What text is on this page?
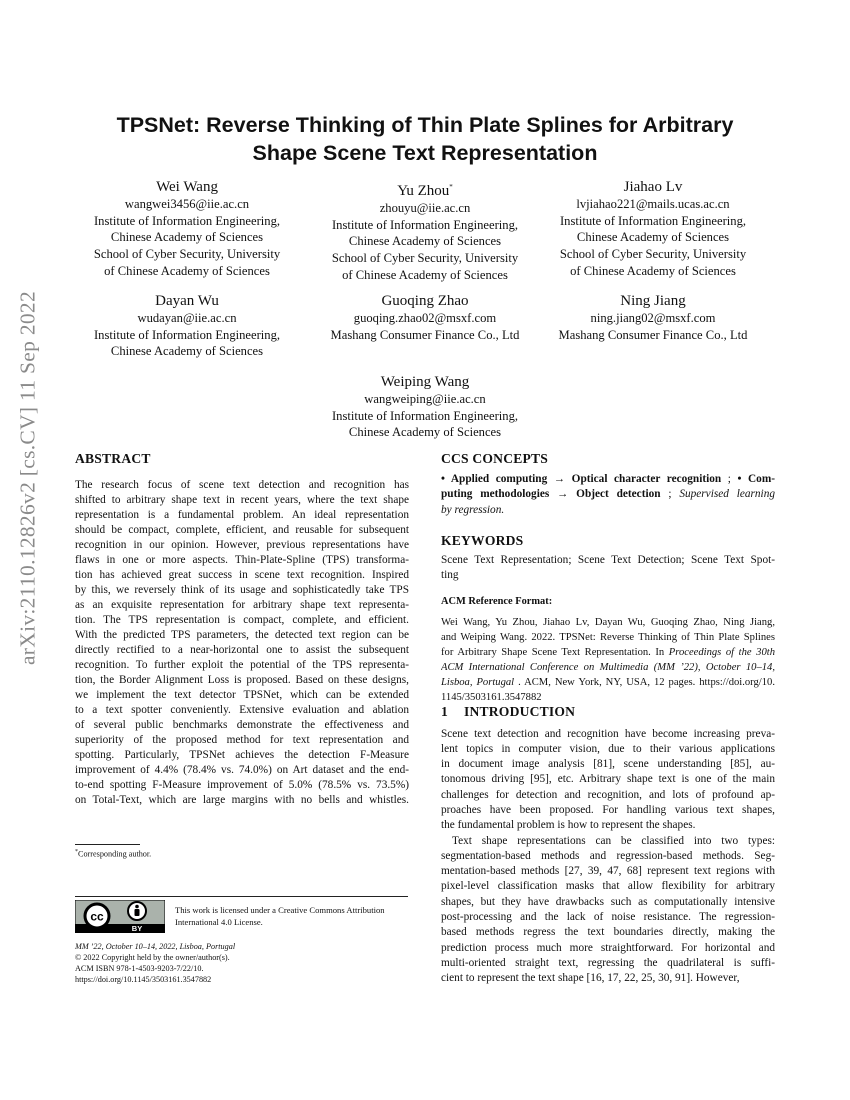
arXiv:2110.12826v2 [cs.CV] 11 Sep 2022
TPSNet: Reverse Thinking of Thin Plate Splines for Arbitrary
Shape Scene Text Representation
Wei Wang
wangwei3456@iie.ac.cn
Institute of Information Engineering,
Chinese Academy of Sciences
School of Cyber Security, University
of Chinese Academy of Sciences
Yu Zhou*
zhouyu@iie.ac.cn
Institute of Information Engineering,
Chinese Academy of Sciences
School of Cyber Security, University
of Chinese Academy of Sciences
Jiahao Lv
lvjiahao221@mails.ucas.ac.cn
Institute of Information Engineering,
Chinese Academy of Sciences
School of Cyber Security, University
of Chinese Academy of Sciences
Dayan Wu
wudayan@iie.ac.cn
Institute of Information Engineering,
Chinese Academy of Sciences
Guoqing Zhao
guoqing.zhao02@msxf.com
Mashang Consumer Finance Co., Ltd
Ning Jiang
ning.jiang02@msxf.com
Mashang Consumer Finance Co., Ltd
Weiping Wang
wangweiping@iie.ac.cn
Institute of Information Engineering,
Chinese Academy of Sciences
ABSTRACT
The research focus of scene text detection and recognition has
shifted to arbitrary shape text in recent years, where the text shape
representation is a fundamental problem. An ideal representation
should be compact, complete, efficient, and reusable for subsequent
recognition in our opinion. However, previous representations have
flaws in one or more aspects. Thin-Plate-Spline (TPS) transforma-
tion has achieved great success in scene text recognition. Inspired
by this, we reversely think of its usage and sophisticatedly take TPS
as an exquisite representation for arbitrary shape text representa-
tion. The TPS representation is compact, complete, and efficient.
With the predicted TPS parameters, the detected text region can be
directly rectified to a near-horizontal one to assist the subsequent
recognition. To further exploit the potential of the TPS representa-
tion, the Border Alignment Loss is proposed. Based on these designs,
we implement the text detector TPSNet, which can be extended
to a text spotter conveniently. Extensive evaluation and ablation
of several public benchmarks demonstrate the effectiveness and
superiority of the proposed method for text representation and
spotting. Particularly, TPSNet achieves the detection F-Measure
improvement of 4.4% (78.4% vs. 74.0%) on Art dataset and the end-
to-end spotting F-Measure improvement of 5.0% (78.5% vs. 73.5%)
on Total-Text, which are large margins with no bells and whistles.
*Corresponding author.
cc
BY
This work is licensed under a Creative Commons Attribution
International 4.0 License.
MM ’22, October 10–14, 2022, Lisboa, Portugal
© 2022 Copyright held by the owner/author(s).
ACM ISBN 978-1-4503-9203-7/22/10.
https://doi.org/10.1145/3503161.3547882
CCS CONCEPTS
• Applied computing → Optical character recognition ; • Com-
puting methodologies → Object detection ; Supervised learning
by regression.
KEYWORDS
Scene Text Representation; Scene Text Detection; Scene Text Spot-
ting
ACM Reference Format:
Wei Wang, Yu Zhou, Jiahao Lv, Dayan Wu, Guoqing Zhao, Ning Jiang,
and Weiping Wang. 2022. TPSNet: Reverse Thinking of Thin Plate Splines
for Arbitrary Shape Scene Text Representation. In Proceedings of the 30th
ACM International Conference on Multimedia (MM ’22), October 10–14,
Lisboa, Portugal . ACM, New York, NY, USA, 12 pages. https://doi.org/10.
1145/3503161.3547882
1 INTRODUCTION
Scene text detection and recognition have become increasing preva-
lent topics in computer vision, due to their various applications
in document image analysis [81], scene understanding [85], au-
tonomous driving [95], etc. Arbitrary shape text is one of the main
challenges for detection and recognition, and lots of profound ap-
proaches have been proposed. For handling various text shapes,
the fundamental problem is how to represent the shapes.
Text shape representations can be classified into two types:
segmentation-based methods and regression-based methods. Seg-
mentation-based methods [27, 39, 47, 68] represent text regions with
pixel-level classification masks that allow flexibility for arbitrary
shapes, but they have drawbacks such as computationally intensive
post-processing and the lack of noise resistance. The regression-
based methods regress the text boundaries directly, making the
prediction process much more straightforward. For horizontal and
multi-oriented straight text, regressing the quadrilateral is suffi-
cient to represent the text shape [16, 17, 22, 25, 30, 91]. However,
